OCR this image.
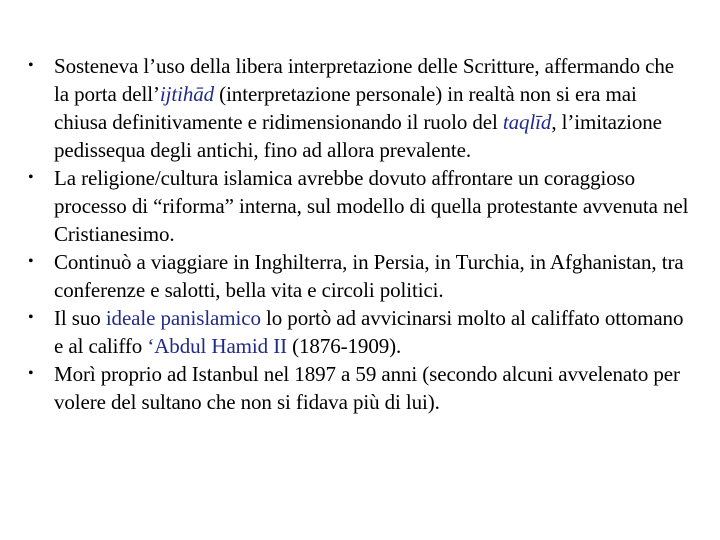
• Sosteneva l’uso della libera interpretazione delle Scritture, affermando che la porta dell’ijtihād (interpretazione personale) in realtà non si era mai chiusa definitivamente e ridimensionando il ruolo del taqlīd, l’imitazione pedissequa degli antichi, fino ad allora prevalente.
• La religione/cultura islamica avrebbe dovuto affrontare un coraggioso processo di “riforma” interna, sul modello di quella protestante avvenuta nel Cristianesimo.
• Continuò a viaggiare in Inghilterra, in Persia, in Turchia, in Afghanistan, tra conferenze e salotti, bella vita e circoli politici.
• Il suo ideale panislamico lo portò ad avvicinarsi molto al califfato ottomano e al califfo ‘Abdul Hamid II (1876-1909).
• Morì proprio ad Istanbul nel 1897 a 59 anni (secondo alcuni avvelenato per volere del sultano che non si fidava più di lui).
